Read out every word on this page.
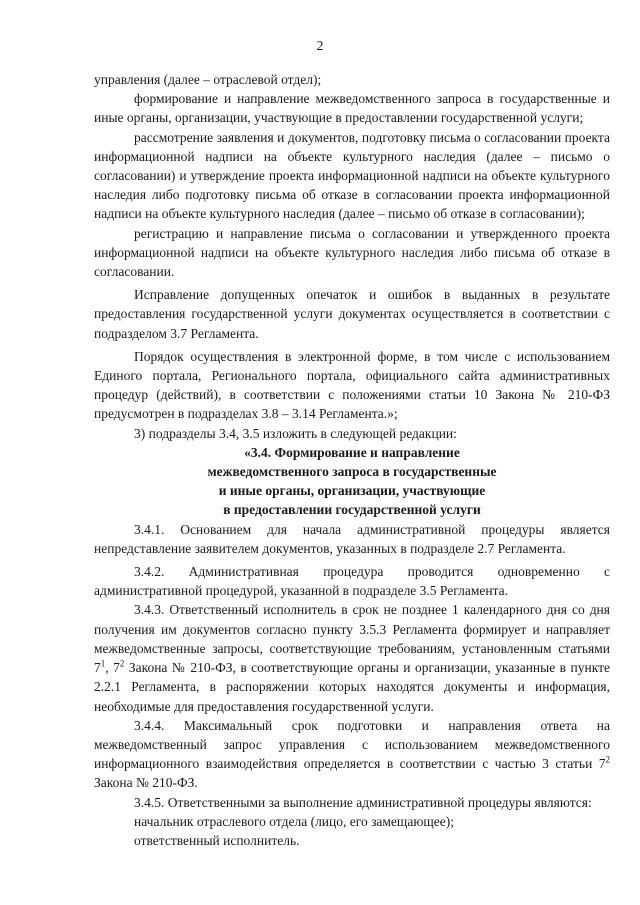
2
управления (далее – отраслевой отдел);
формирование и направление межведомственного запроса в государственные и иные органы, организации, участвующие в предоставлении государственной услуги;
рассмотрение заявления и документов, подготовку письма о согласовании проекта информационной надписи на объекте культурного наследия (далее – письмо о согласовании) и утверждение проекта информационной надписи на объекте культурного наследия либо подготовку письма об отказе в согласовании проекта информационной надписи на объекте культурного наследия (далее – письмо об отказе в согласовании);
регистрацию и направление письма о согласовании и утвержденного проекта информационной надписи на объекте культурного наследия либо письма об отказе в согласовании.
Исправление допущенных опечаток и ошибок в выданных в результате предоставления государственной услуги документах осуществляется в соответствии с подразделом 3.7 Регламента.
Порядок осуществления в электронной форме, в том числе с использованием Единого портала, Регионального портала, официального сайта административных процедур (действий), в соответствии с положениями статьи 10 Закона № 210-ФЗ предусмотрен в подразделах 3.8 – 3.14 Регламента.»;
3) подразделы 3.4, 3.5 изложить в следующей редакции:
«3.4. Формирование и направление
межведомственного запроса в государственные
и иные органы, организации, участвующие
в предоставлении государственной услуги
3.4.1. Основанием для начала административной процедуры является непредставление заявителем документов, указанных в подразделе 2.7 Регламента.
3.4.2. Административная процедура проводится одновременно с административной процедурой, указанной в подразделе 3.5 Регламента.
3.4.3. Ответственный исполнитель в срок не позднее 1 календарного дня со дня получения им документов согласно пункту 3.5.3 Регламента формирует и направляет межведомственные запросы, соответствующие требованиям, установленным статьями $7^1$, $7^2$ Закона № 210-ФЗ, в соответствующие органы и организации, указанные в пункте 2.2.1 Регламента, в распоряжении которых находятся документы и информация, необходимые для предоставления государственной услуги.
3.4.4. Максимальный срок подготовки и направления ответа на межведомственный запрос управления с использованием межведомственного информационного взаимодействия определяется в соответствии с частью 3 статьи $7^2$ Закона № 210-ФЗ.
3.4.5. Ответственными за выполнение административной процедуры являются:
начальник отраслевого отдела (лицо, его замещающее);
ответственный исполнитель.
